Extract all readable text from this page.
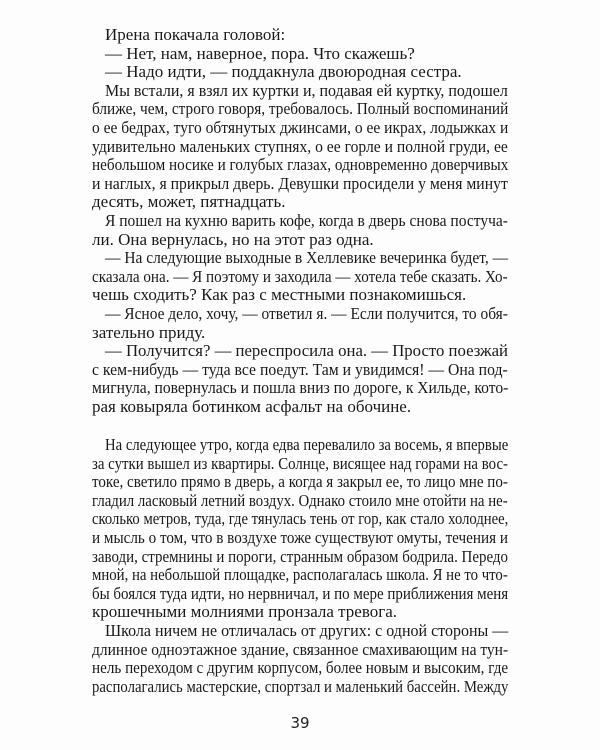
Ирена покачала головой:
— Нет, нам, наверное, пора. Что скажешь?
— Надо идти, — поддакнула двоюродная сестра.
Мы встали, я взял их куртки и, подавая ей куртку, подошел
ближе, чем, строго говоря, требовалось. Полный воспоминаний
о ее бедрах, туго обтянутых джинсами, о ее икрах, лодыжках и
удивительно маленьких ступнях, о ее горле и полной груди, ее
небольшом носике и голубых глазах, одновременно доверчивых
и наглых, я прикрыл дверь. Девушки просидели у меня минут
десять, может, пятнадцать.
Я пошел на кухню варить кофе, когда в дверь снова постуча-
ли. Она вернулась, но на этот раз одна.
— На следующие выходные в Хеллевике вечеринка будет, —
сказала она. — Я поэтому и заходила — хотела тебе сказать. Хо-
чешь сходить? Как раз с местными познакомишься.
— Ясное дело, хочу, — ответил я. — Если получится, то обя-
зательно приду.
— Получится? — переспросила она. — Просто поезжай
с кем-нибудь — туда все поедут. Там и увидимся! — Она под-
мигнула, повернулась и пошла вниз по дороге, к Хильде, кото-
рая ковыряла ботинком асфальт на обочине.
На следующее утро, когда едва перевалило за восемь, я впервые
за сутки вышел из квартиры. Солнце, висящее над горами на вос-
токе, светило прямо в дверь, а когда я закрыл ее, то лицо мне по-
гладил ласковый летний воздух. Однако стоило мне отойти на не-
сколько метров, туда, где тянулась тень от гор, как стало холоднее,
и мысль о том, что в воздухе тоже существуют омуты, течения и
заводи, стремнины и пороги, странным образом бодрила. Передо
мной, на небольшой площадке, располагалась школа. Я не то что-
бы боялся туда идти, но нервничал, и по мере приближения меня
крошечными молниями пронзала тревога.
Школа ничем не отличалась от других: с одной стороны —
длинное одноэтажное здание, связанное смахивающим на тун-
нель переходом с другим корпусом, более новым и высоким, где
располагались мастерские, спортзал и маленький бассейн. Между
39
